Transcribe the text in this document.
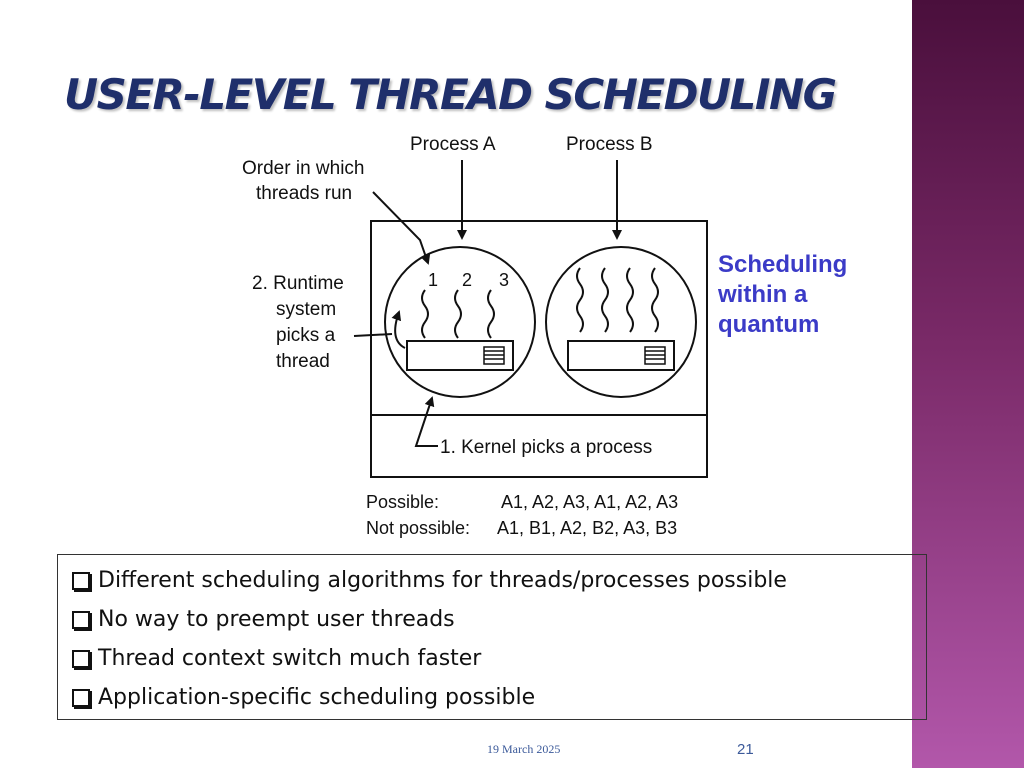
USER-LEVEL THREAD SCHEDULING
Process A	Process B
Order in which
threads run
2. Runtime
system
picks a
thread
1 2 3
1. Kernel picks a process
Possible:	A1, A2, A3, A1, A2, A3
Not possible: A1, B1, A2, B2, A3, B3
Scheduling
within a
quantum
Different scheduling algorithms for threads/processes possible
No way to preempt user threads
Thread context switch much faster
Application-specific scheduling possible
19 March 2025	21
